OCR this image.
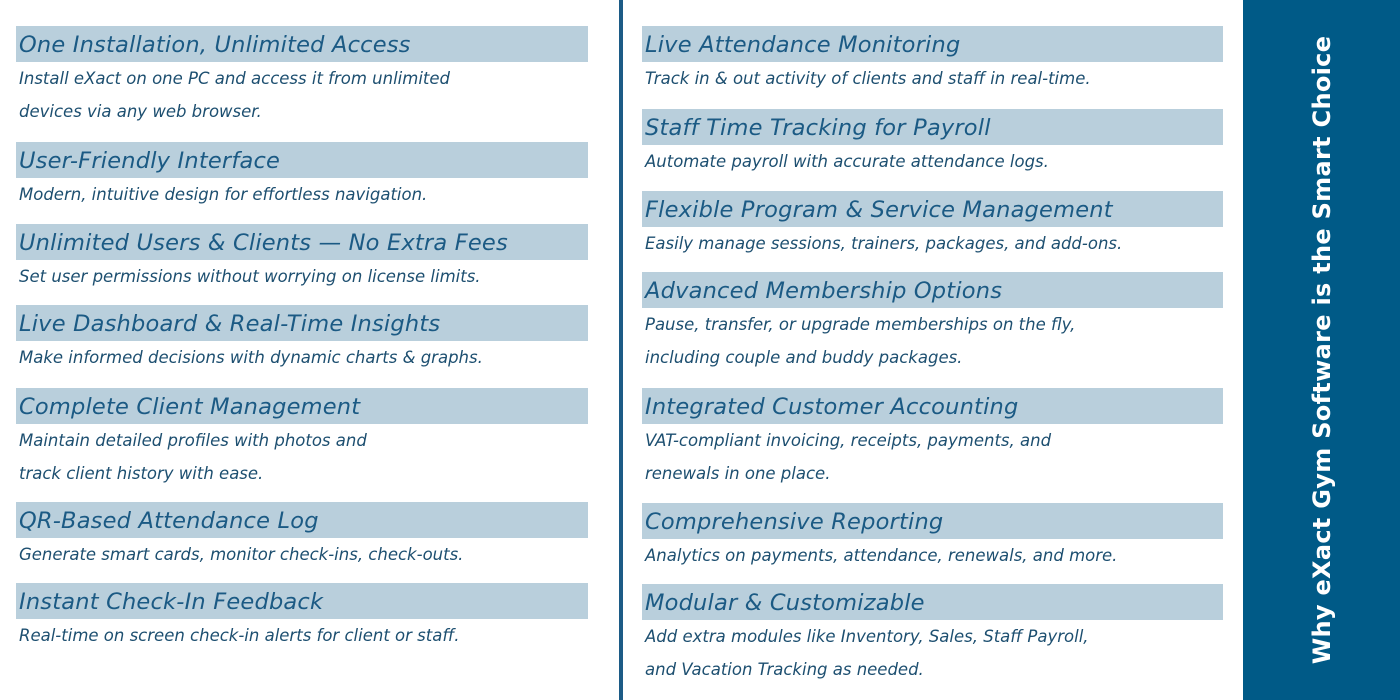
One Installation, Unlimited Access
Install eXact on one PC and access it from unlimited
devices via any web browser.
User-Friendly Interface
Modern, intuitive design for effortless navigation.
Unlimited Users & Clients — No Extra Fees
Set user permissions without worrying on license limits.
Live Dashboard & Real-Time Insights
Make informed decisions with dynamic charts & graphs.
Complete Client Management
Maintain detailed profiles with photos and
track client history with ease.
QR-Based Attendance Log
Generate smart cards, monitor check-ins, check-outs.
Instant Check-In Feedback
Real-time on screen check-in alerts for client or staff.
Live Attendance Monitoring
Track in & out activity of clients and staff in real-time.
Staff Time Tracking for Payroll
Automate payroll with accurate attendance logs.
Flexible Program & Service Management
Easily manage sessions, trainers, packages, and add-ons.
Advanced Membership Options
Pause, transfer, or upgrade memberships on the fly,
including couple and buddy packages.
Integrated Customer Accounting
VAT-compliant invoicing, receipts, payments, and
renewals in one place.
Comprehensive Reporting
Analytics on payments, attendance, renewals, and more.
Modular & Customizable
Add extra modules like Inventory, Sales, Staff Payroll,
and Vacation Tracking as needed.
Why eXact Gym Software is the Smart Choice
